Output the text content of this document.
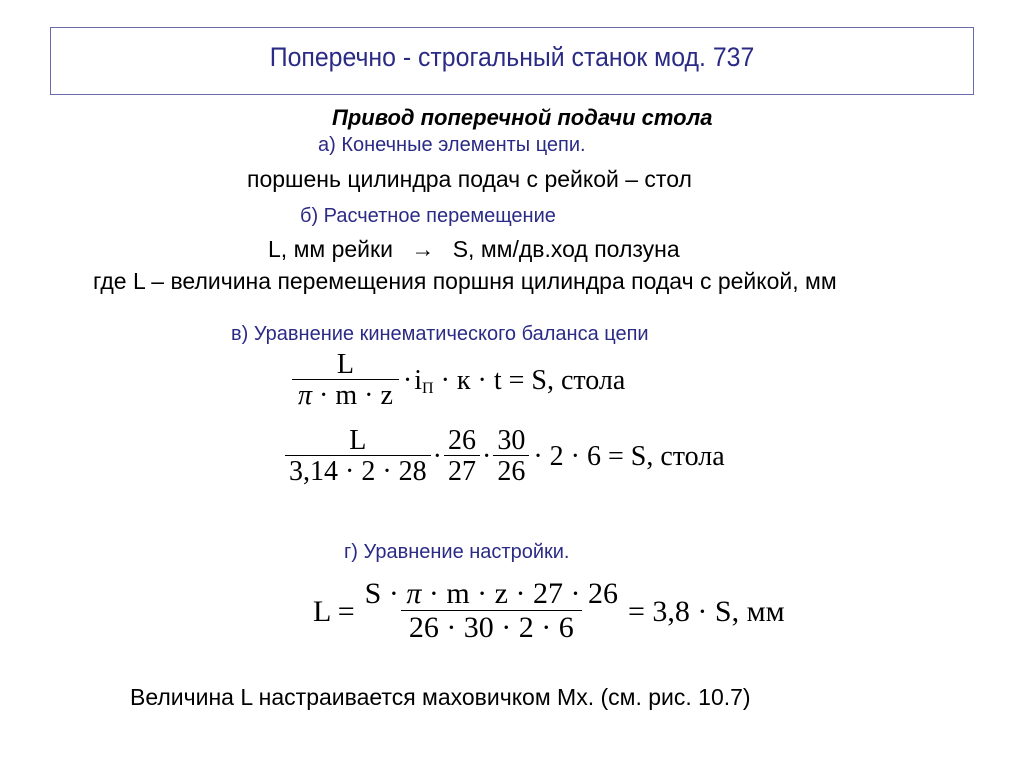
Поперечно - строгальный станок мод. 737
Привод поперечной подачи стола
а) Конечные элементы цепи.
поршень цилиндра подач с рейкой – стол
б) Расчетное перемещение
L, мм рейки → S, мм/дв.ход ползуна
где L – величина перемещения поршня цилиндра подач с рейкой, мм
в) Уравнение кинематического баланса цепи
$\frac{L}{\pi \cdot m \cdot z} \cdot i$ П · к · t = S, стола
$\frac{L}{3,14 \cdot 2 \cdot 28} \cdot \frac{26}{27} \cdot \frac{30}{26} \cdot 2 \cdot 6 = S$, стола
г) Уравнение настройки.
$L = \frac{S \cdot \pi \cdot m \cdot z \cdot 27 \cdot 26}{26 \cdot 30 \cdot 2 \cdot 6} = 3,8 \cdot S$, мм
Величина L настраивается маховичком Мх. (см. рис. 10.7)
